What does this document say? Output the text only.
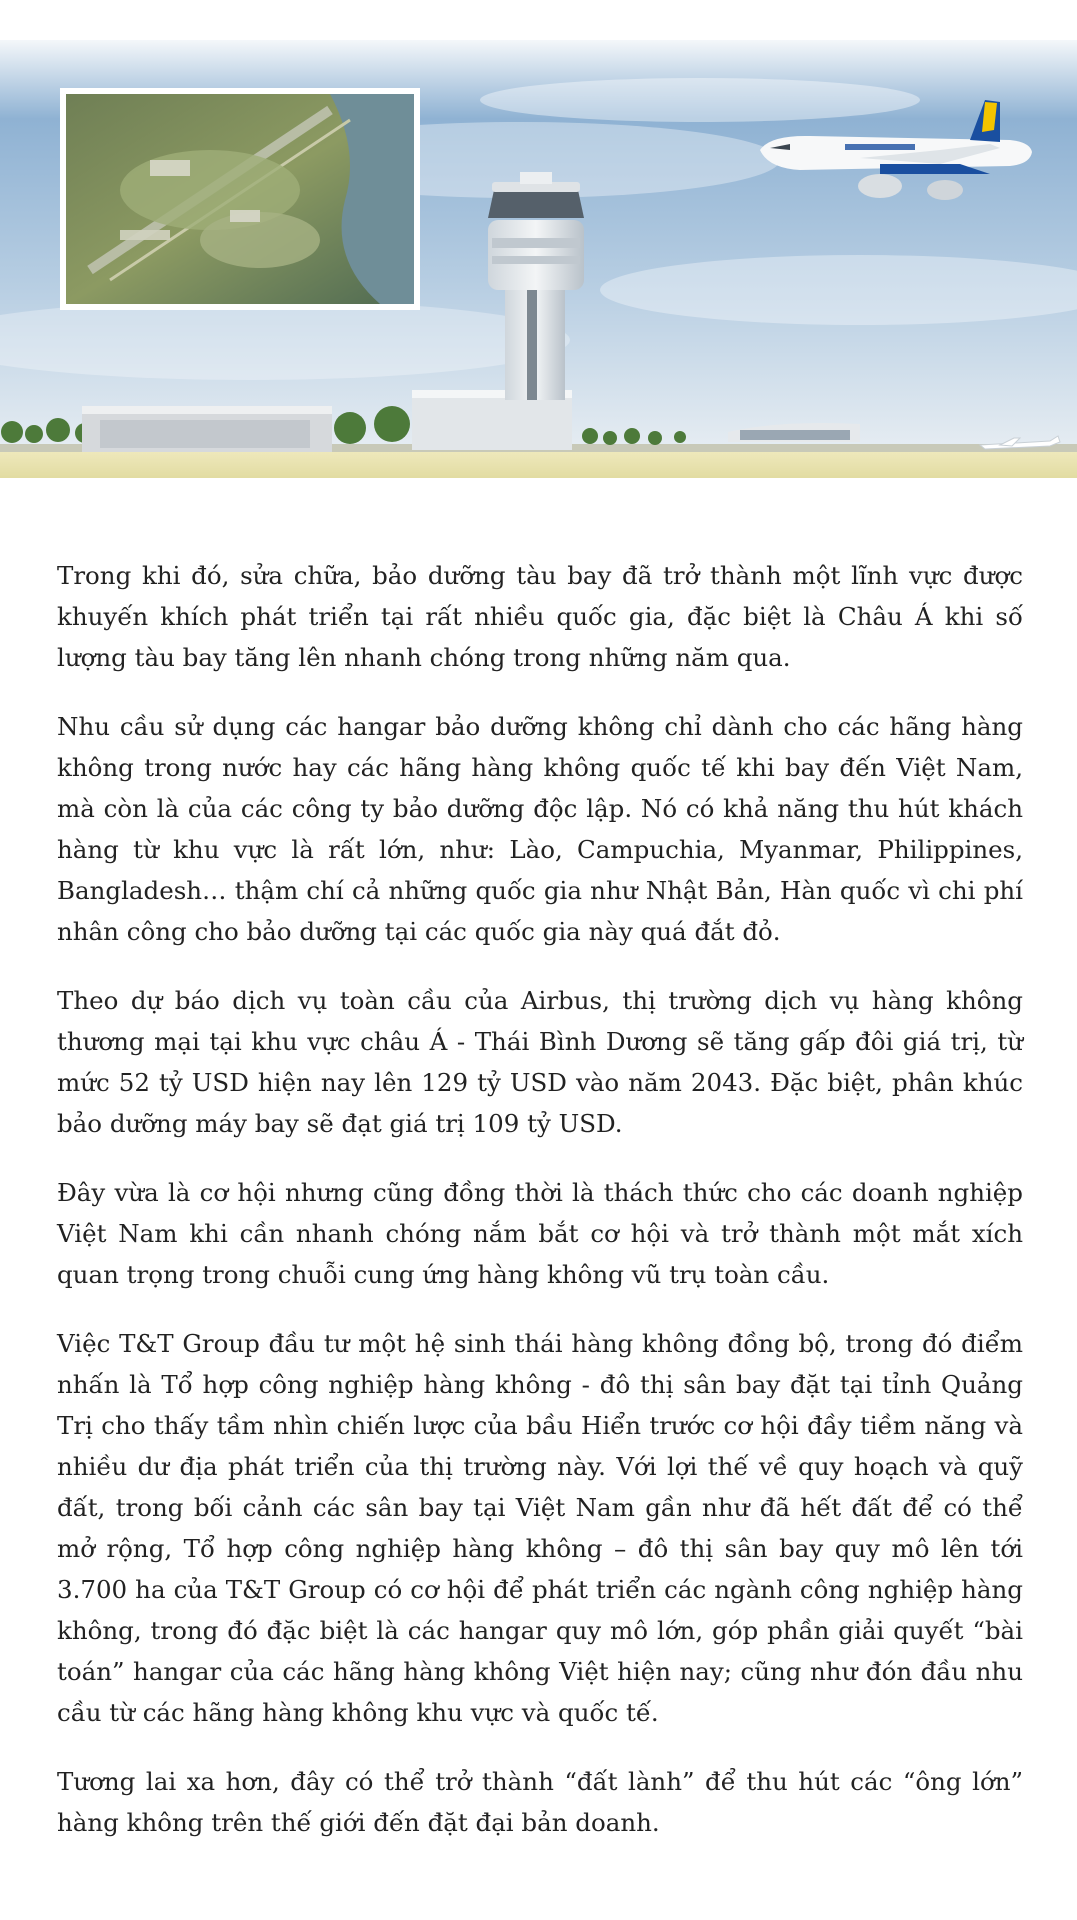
Trong khi đó, sửa chữa, bảo dưỡng tàu bay đã trở thành một lĩnh vực được khuyến khích phát triển tại rất nhiều quốc gia, đặc biệt là Châu Á khi số lượng tàu bay tăng lên nhanh chóng trong những năm qua.

Nhu cầu sử dụng các hangar bảo dưỡng không chỉ dành cho các hãng hàng không trong nước hay các hãng hàng không quốc tế khi bay đến Việt Nam, mà còn là của các công ty bảo dưỡng độc lập. Nó có khả năng thu hút khách hàng từ khu vực là rất lớn, như: Lào, Campuchia, Myanmar, Philippines, Bangladesh… thậm chí cả những quốc gia như Nhật Bản, Hàn quốc vì chi phí nhân công cho bảo dưỡng tại các quốc gia này quá đắt đỏ.

Theo dự báo dịch vụ toàn cầu của Airbus, thị trường dịch vụ hàng không thương mại tại khu vực châu Á - Thái Bình Dương sẽ tăng gấp đôi giá trị, từ mức 52 tỷ USD hiện nay lên 129 tỷ USD vào năm 2043. Đặc biệt, phân khúc bảo dưỡng máy bay sẽ đạt giá trị 109 tỷ USD.

Đây vừa là cơ hội nhưng cũng đồng thời là thách thức cho các doanh nghiệp Việt Nam khi cần nhanh chóng nắm bắt cơ hội và trở thành một mắt xích quan trọng trong chuỗi cung ứng hàng không vũ trụ toàn cầu.

Việc T&T Group đầu tư một hệ sinh thái hàng không đồng bộ, trong đó điểm nhấn là Tổ hợp công nghiệp hàng không - đô thị sân bay đặt tại tỉnh Quảng Trị cho thấy tầm nhìn chiến lược của bầu Hiển trước cơ hội đầy tiềm năng và nhiều dư địa phát triển của thị trường này. Với lợi thế về quy hoạch và quỹ đất, trong bối cảnh các sân bay tại Việt Nam gần như đã hết đất để có thể mở rộng, Tổ hợp công nghiệp hàng không – đô thị sân bay quy mô lên tới 3.700 ha của T&T Group có cơ hội để phát triển các ngành công nghiệp hàng không, trong đó đặc biệt là các hangar quy mô lớn, góp phần giải quyết “bài toán” hangar của các hãng hàng không Việt hiện nay; cũng như đón đầu nhu cầu từ các hãng hàng không khu vực và quốc tế.

Tương lai xa hơn, đây có thể trở thành “đất lành” để thu hút các “ông lớn” hàng không trên thế giới đến đặt đại bản doanh.
